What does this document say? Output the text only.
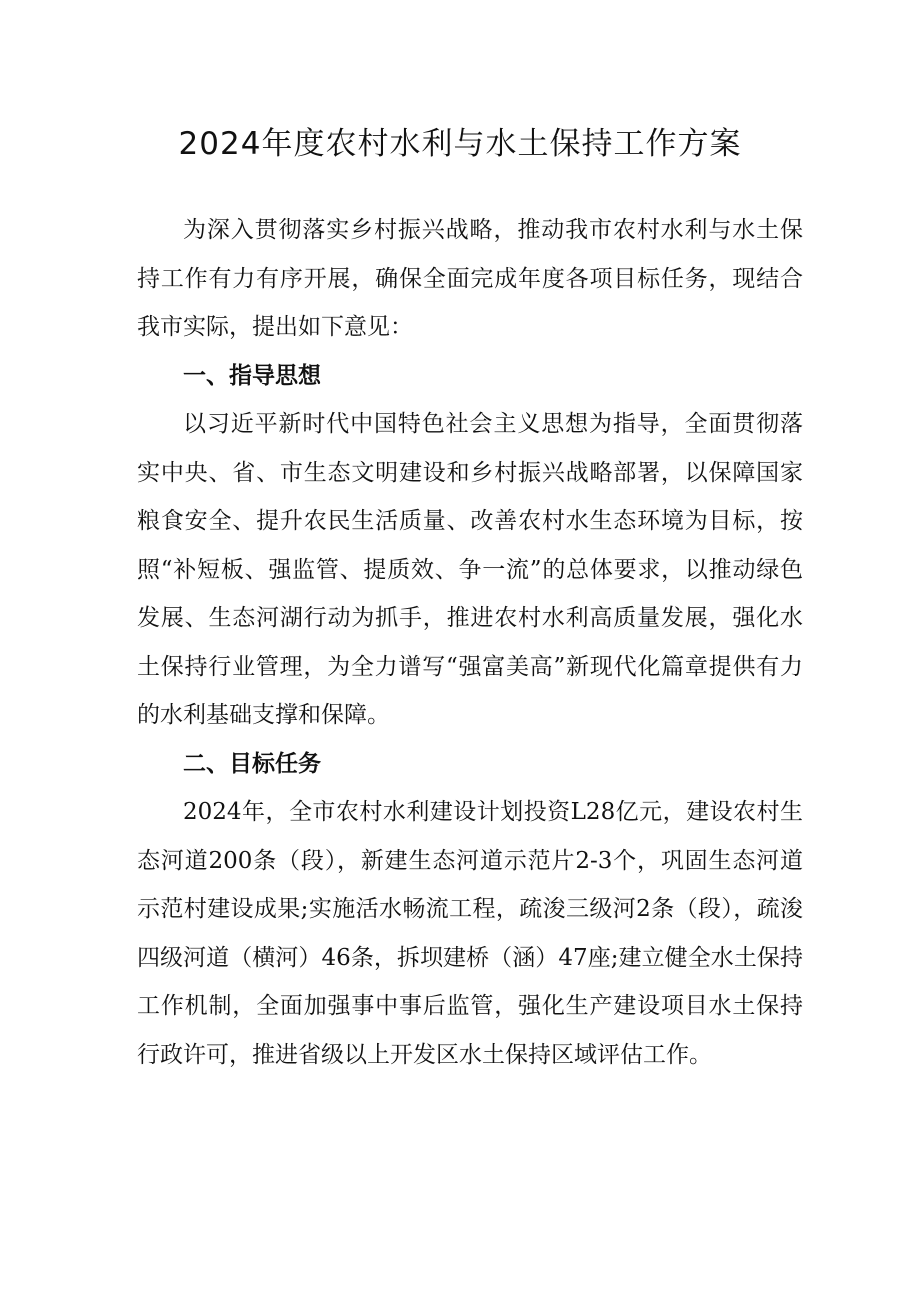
2024年度农村水利与水土保持工作方案

为深入贯彻落实乡村振兴战略，推动我市农村水利与水土保持工作有力有序开展，确保全面完成年度各项目标任务，现结合我市实际，提出如下意见：

一、指导思想

以习近平新时代中国特色社会主义思想为指导，全面贯彻落实中央、省、市生态文明建设和乡村振兴战略部署，以保障国家粮食安全、提升农民生活质量、改善农村水生态环境为目标，按照“补短板、强监管、提质效、争一流”的总体要求，以推动绿色发展、生态河湖行动为抓手，推进农村水利高质量发展，强化水土保持行业管理，为全力谱写“强富美高”新现代化篇章提供有力的水利基础支撑和保障。

二、目标任务

2024年，全市农村水利建设计划投资L28亿元，建设农村生态河道200条（段），新建生态河道示范片2-3个，巩固生态河道示范村建设成果;实施活水畅流工程，疏浚三级河2条（段），疏浚四级河道（横河）46条，拆坝建桥（涵）47座;建立健全水土保持工作机制，全面加强事中事后监管，强化生产建设项目水土保持行政许可，推进省级以上开发区水土保持区域评估工作。
